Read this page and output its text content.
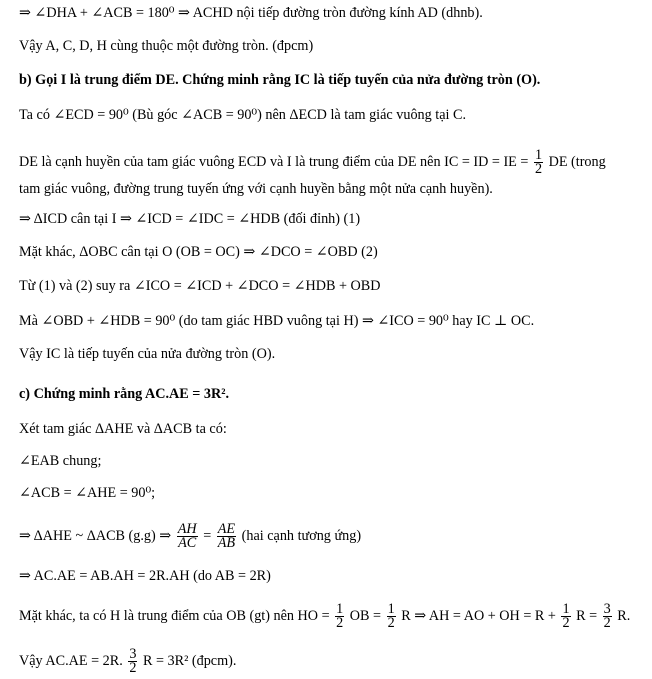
⇒ ∠DHA + ∠ACB = 180⁰ ⇒ ACHD nội tiếp đường tròn đường kính AD (dhnb).
Vậy A, C, D, H cùng thuộc một đường tròn. (đpcm)
b) Gọi I là trung điểm DE. Chứng minh rằng IC là tiếp tuyến của nửa đường tròn (O).
Ta có ∠ECD = 90⁰ (Bù góc ∠ACB = 90⁰) nên ΔECD là tam giác vuông tại C.
DE là cạnh huyền của tam giác vuông ECD và I là trung điểm của DE nên IC = ID = IE = $\frac{1}{2}$ DE (trong
tam giác vuông, đường trung tuyến ứng với cạnh huyền bằng một nửa cạnh huyền).
⇒ ΔICD cân tại I ⇒ ∠ICD = ∠IDC = ∠HDB (đối đỉnh) (1)
Mặt khác, ΔOBC cân tại O (OB = OC) ⇒ ∠DCO = ∠OBD (2)
Từ (1) và (2) suy ra ∠ICO = ∠ICD + ∠DCO = ∠HDB + OBD
Mà ∠OBD + ∠HDB = 90⁰ (do tam giác HBD vuông tại H) ⇒ ∠ICO = 90⁰ hay IC ⊥ OC.
Vậy IC là tiếp tuyến của nửa đường tròn (O).
c) Chứng minh rằng AC.AE = 3R².
Xét tam giác ΔAHE và ΔACB ta có:
∠EAB chung;
∠ACB = ∠AHE = 90⁰;
⇒ ΔAHE ~ ΔACB (g.g) ⇒ $\frac{AH}{AC} = \frac{AE}{AB} (hai$ cạnh tương ứng)
⇒ AC.AE = AB.AH = 2R.AH (do AB = 2R)
Mặt khác, ta có H là trung điểm của OB (gt) nên HO = $\frac{1}{2}$ OB = $\frac{1}{2}$ R ⇒ AH = AO + OH = $R + \frac{1}{2}$ $R = \frac{3}{2} R$.
Vậy AC.AE = 2R. $\frac{3}{2}$ R = 3R² (đpcm).
